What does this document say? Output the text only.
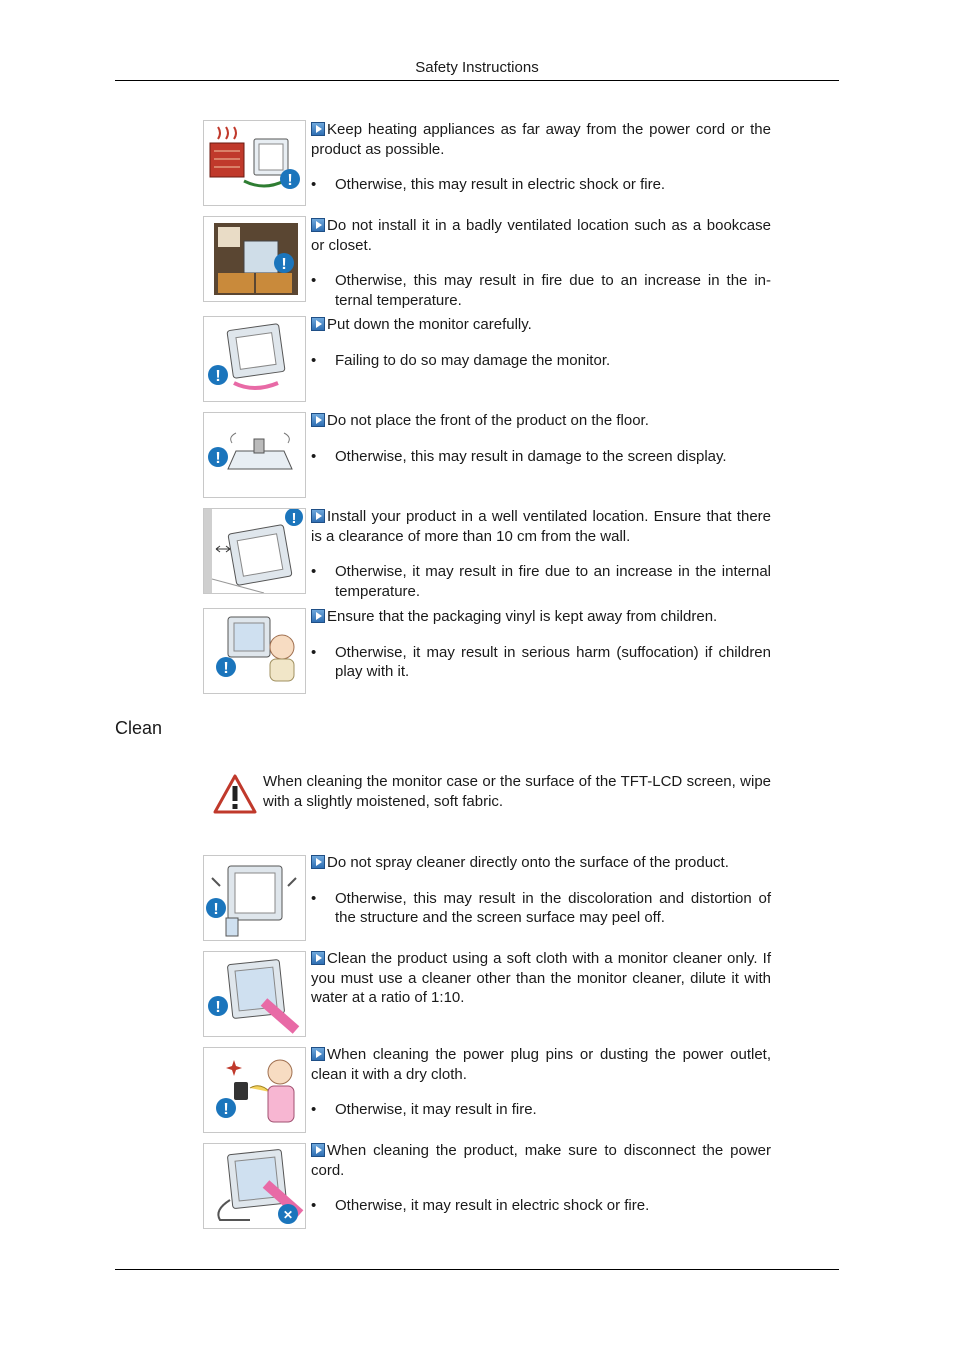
Safety Instructions
!

Keep heating appliances as far away from the power cord or the product as possible.

• Otherwise, this may result in electric shock or fire.
!

Do not install it in a badly ventilated location such as a bookcase or closet.

• Otherwise, this may result in fire due to an increase in the in-ternal temperature.
!

Put down the monitor carefully.

• Failing to do so may damage the monitor.
!

Do not place the front of the product on the floor.

• Otherwise, this may result in damage to the screen display.
!	Install your product in a well ventilated location. Ensure that there is a clearance of more than 10 cm from the wall.

• Otherwise, it may result in fire due to an increase in the internal temperature.
!

Ensure that the packaging vinyl is kept away from children.

• Otherwise, it may result in serious harm (suffocation) if children play with it.
Clean
When cleaning the monitor case or the surface of the TFT-LCD screen, wipe with a slightly moistened, soft fabric.
!

Do not spray cleaner directly onto the surface of the product.

• Otherwise, this may result in the discoloration and distortion of the structure and the screen surface may peel off.
!

Clean the product using a soft cloth with a monitor cleaner only. If you must use a cleaner other than the monitor cleaner, dilute it with water at a ratio of 1:10.

!

When cleaning the power plug pins or dusting the power outlet, clean it with a dry cloth.

• Otherwise, it may result in fire.
✕

When cleaning the product, make sure to disconnect the power cord.

• Otherwise, it may result in electric shock or fire.
